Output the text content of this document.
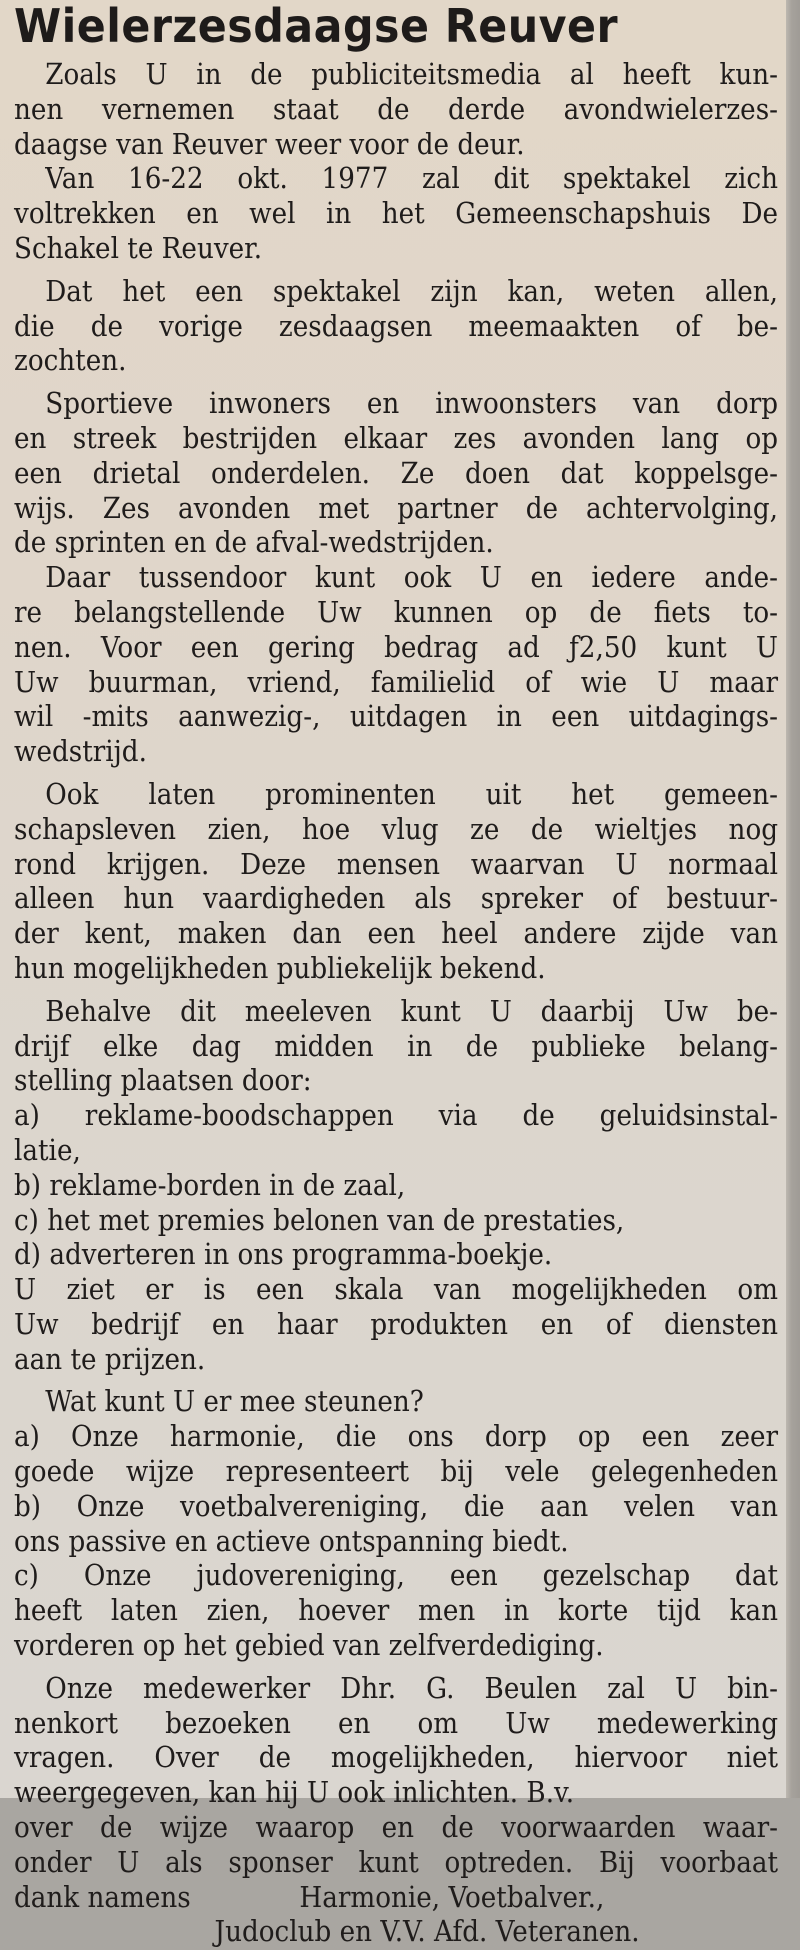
Wielerzesdaagse Reuver
Zoals U in de publiciteitsmedia al heeft kun-
nen vernemen staat de derde avondwielerzes-
daagse van Reuver weer voor de deur.
Van 16-22 okt. 1977 zal dit spektakel zich
voltrekken en wel in het Gemeenschapshuis De
Schakel te Reuver.
Dat het een spektakel zijn kan, weten allen,
die de vorige zesdaagsen meemaakten of be-
zochten.
Sportieve inwoners en inwoonsters van dorp
en streek bestrijden elkaar zes avonden lang op
een drietal onderdelen. Ze doen dat koppelsge-
wijs. Zes avonden met partner de achtervolging,
de sprinten en de afval-wedstrijden.
Daar tussendoor kunt ook U en iedere ande-
re belangstellende Uw kunnen op de fiets to-
nen. Voor een gering bedrag ad ƒ2,50 kunt U
Uw buurman, vriend, familielid of wie U maar
wil -mits aanwezig-, uitdagen in een uitdagings-
wedstrijd.
Ook laten prominenten uit het gemeen-
schapsleven zien, hoe vlug ze de wieltjes nog
rond krijgen. Deze mensen waarvan U normaal
alleen hun vaardigheden als spreker of bestuur-
der kent, maken dan een heel andere zijde van
hun mogelijkheden publiekelijk bekend.
Behalve dit meeleven kunt U daarbij Uw be-
drijf elke dag midden in de publieke belang-
stelling plaatsen door:
a) reklame-boodschappen via de geluidsinstal-
latie,
b) reklame-borden in de zaal,
c) het met premies belonen van de prestaties,
d) adverteren in ons programma-boekje.
U ziet er is een skala van mogelijkheden om
Uw bedrijf en haar produkten en of diensten
aan te prijzen.
Wat kunt U er mee steunen?
a) Onze harmonie, die ons dorp op een zeer
goede wijze representeert bij vele gelegenheden
b) Onze voetbalvereniging, die aan velen van
ons passive en actieve ontspanning biedt.
c) Onze judovereniging, een gezelschap dat
heeft laten zien, hoever men in korte tijd kan
vorderen op het gebied van zelfverdediging.
Onze medewerker Dhr. G. Beulen zal U bin-
nenkort bezoeken en om Uw medewerking
vragen. Over de mogelijkheden, hiervoor niet
weergegeven, kan hij U ook inlichten. B.v.
over de wijze waarop en de voorwaarden waar-
onder U als sponser kunt optreden. Bij voorbaat
dank namens	Harmonie, Voetbalver.,
Judoclub en V.V. Afd. Veteranen.
